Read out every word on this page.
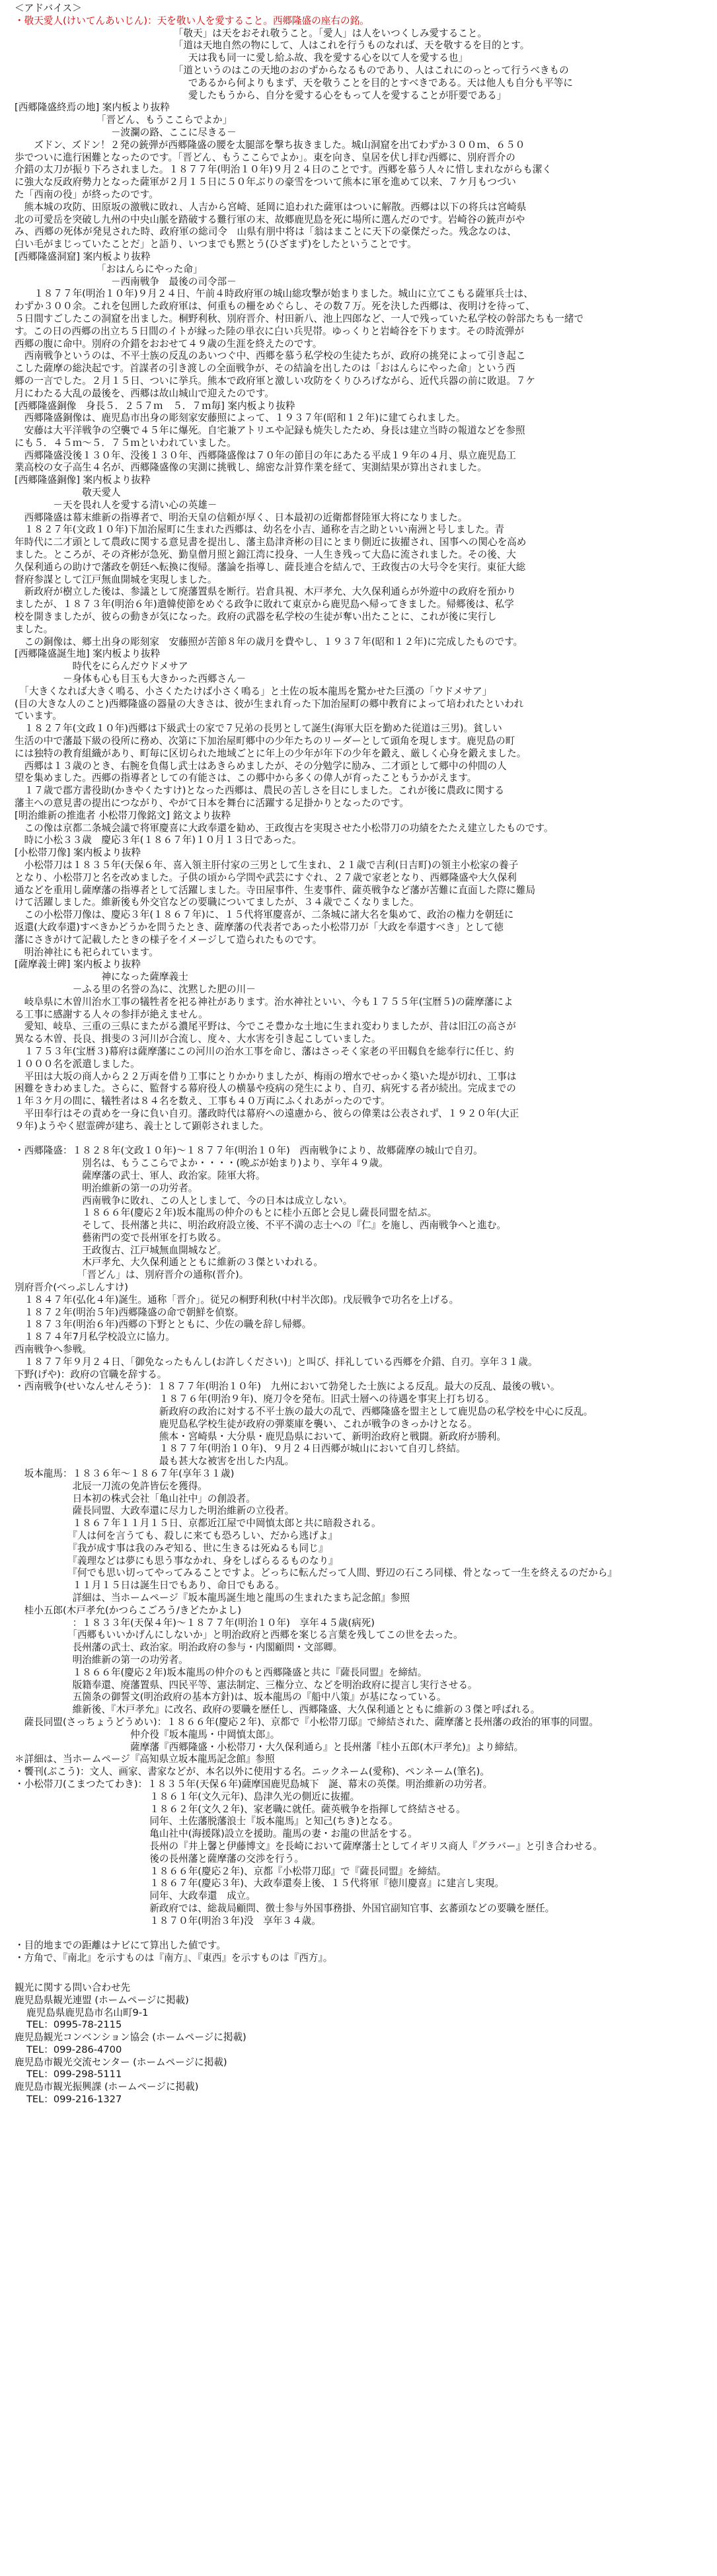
＜アドバイス＞
・敬天愛人(けいてんあいじん)：天を敬い人を愛すること。西郷隆盛の座右の銘。
　　　　　　　　　　　　　　　　　「敬天」は天をおそれ敬うこと。「愛人」は人をいつくしみ愛すること。
　　　　　　　　　　　　　　　　　「道は天地自然の物にして、人はこれを行うものなれば、天を敬するを目的とす。
　　　　　　　　　　　　　　　　　　天は我も同一に愛し給ふ故、我を愛する心を以て人を愛する也」
　　　　　　　　　　　　　　　　　「道というのはこの天地のおのずからなるものであり、人はこれにのっとって行うべきもの
　　　　　　　　　　　　　　　　　　であるから何よりもまず、天を敬うことを目的とすべきである。天は他人も自分も平等に
　　　　　　　　　　　　　　　　　　愛したもうから、自分を愛する心をもって人を愛することが肝要である」
[西郷隆盛終焉の地] 案内板より抜粋
　　　　　　　　　「晋どん、もうここらでよか」
　　　　　　　　　　－波瀾の路、ここに尽きる－
　　ズドン、ズドン！２発の銃弾が西郷隆盛の腰を太腿部を撃ち抜きました。城山洞窟を出てわずか３００ｍ、６５０
歩でついに進行困難となったのです。「晋どん、もうここらでよか」。東を向き、皇居を伏し拝む西郷に、別府晋介の
介錯の太刀が振り下ろされました。１８７７年(明治１０年)９月２４日のことです。西郷を慕う人々に惜しまれながらも潔く
に強大な反政府勢力となった薩軍が２月１５日に５０年ぶりの豪雪をついて熊本に軍を進めて以来、７ケ月もつづい
た「西南の役」が終ったのです。
　熊本城の攻防、田原坂の激戦に敗れ、人吉から宮崎、延岡に追われた薩軍はついに解散。西郷は以下の将兵は宮崎県
北の可愛岳を突破し九州の中央山脈を踏破する難行軍の末、故郷鹿児島を死に場所に選んだのです。岩崎谷の銃声がや
み、西郷の死体が発見された時、政府軍の総司令　山県有朋中将は「翁はまことに天下の豪傑だった。残念なのは、
白い毛がまじっていたことだ」と語り、いつまでも黙とう(ひざまず)をしたということです。
[西郷隆盛洞窟] 案内板より抜粋
　　　　　　　　　「おはんらにやった命」
　　　　　　　　　　－西南戦争　最後の司令部－
　　１８７７年(明治１０年)９月２４日、午前４時政府軍の城山総攻撃が始まりました。城山に立てこもる薩軍兵士は、
わずか３００余。これを包囲した政府軍は、何重もの柵をめぐらし、その数７万。死を決した西郷は、夜明けを待って、
５日間すごしたこの洞窟を出ました。桐野利秋、別府晋介、村田新八、池上四郎など、一人で残っていた私学校の幹部たちも一緒で
す。この日の西郷の出立ち５日間のイトが縁った陸の単衣に白い兵児帯。ゆっくりと岩崎谷を下ります。その時流弾が
西郷の腹に命中。別府の介錯をおおせて４９歳の生涯を終えたのです。
　西南戦争というのは、不平士族の反乱のあいつぐ中、西郷を慕う私学校の生徒たちが、政府の挑発によって引き起こ
こした薩摩の総決起です。首謀者の引き渡しの全面戦争が、その結論を出したのは「おはんらにやった命」という西
郷の一言でした。２月１５日、ついに挙兵。熊本で政府軍と激しい攻防をくりひろげながら、近代兵器の前に敗退。７ケ
月にわたる大乱の最後を、西郷は故山城山で迎えたのです。
[西郷隆盛銅像　身長５．２５７ｍ　５．７ｍ毎] 案内板より抜粋
　西郷隆盛銅像は、鹿児島市出身の彫刻家安藤照によって、１９３７年(昭和１２年)に建てられました。
　安藤は大平洋戦争の空襲で４５年に爆死。自宅兼アトリエや記録も焼失したため、身長は建立当時の報道などを参照
にも５．４５ｍ～５．７５ｍといわれていました。
　西郷隆盛没後１３０年、没後１３０年、西郷隆盛像は７０年の節目の年にあたる平成１９年の４月、県立鹿児島工
業高校の女子高生４名が、西郷隆盛像の実測に挑戦し、綿密な計算作業を経て、実測結果が算出されました。
[西郷隆盛銅像] 案内板より抜粋
　　　　　　　敬天愛人
　　　　－天を畏れ人を愛する清い心の英雄－
　西郷隆盛は幕末維新の指導者で、明治天皇の信頼が厚く、日本最初の近衛都督陸軍大将になりました。
　１８２７年(文政１０年)下加治屋町に生まれた西郷は、幼名を小吉、通称を吉之助といい南洲と号しました。青
年時代に二才頭として農政に関する意見書を提出し、藩主島津斉彬の目にとまり側近に抜擢され、国事への関心を高め
ました。ところが、その斉彬が急死、勤皇僧月照と錦江湾に投身、一人生き残って大島に流されました。その後、大
久保利通らの助けで藩政を朝廷へ転換に復帰。藩論を指導し、薩長連合を結んで、王政復古の大号令を実行。東征大総
督府参謀として江戸無血開城を実現しました。
　新政府が樹立した後は、参議として廃藩置県を断行。岩倉具視、木戸孝允、大久保利通らが外遊中の政府を預かり
ましたが、１８７３年(明治６年)遣韓使節をめぐる政争に敗れて東京から鹿児島へ帰ってきました。帰郷後は、私学
校を開きましたが、彼らの動きが気になった。政府の武器を私学校の生徒が奪い出たことに、これが後に実行し
ました。
　この銅像は、郷土出身の彫刻家　安藤照が苦節８年の歳月を費やし、１９３７年(昭和１２年)に完成したものです。
[西郷隆盛誕生地] 案内板より抜粋
　　　　　　時代をにらんだウドメサア
　　　　　－身体も心も目玉も大きかった西郷さん－
　「大きくなれば大きく鳴る、小さくたたけば小さく鳴る」と土佐の坂本龍馬を驚かせた巨漢の「ウドメサア」
(目の大きな人のこと)西郷隆盛の器量の大きさは、彼が生まれ育った下加治屋町の郷中教育によって培われたといわれ
ています。
　１８２７年(文政１０年)西郷は下級武士の家で７兄弟の長男として誕生(海軍大臣を勤めた従道は三男)。貧しい
生活の中で藩最下級の役所に務め、次第に下加治屋町郷中の少年たちのリーダーとして頭角を現します。鹿児島の町
には独特の教育組織があり、町毎に区切られた地域ごとに年上の少年が年下の少年を鍛え、厳しく心身を鍛えました。
　西郷は１３歳のとき、右腕を負傷し武士はあきらめましたが、その分勉学に励み、二才頭として郷中の仲間の人
望を集めました。西郷の指導者としての有能さは、この郷中から多くの偉人が育ったこともうかがえます。
　１７歳で郡方書役助(かきやくたすけ)となった西郷は、農民の苦しさを目にしました。これが後に農政に関する
藩主への意見書の提出につながり、やがて日本を舞台に活躍する足掛かりとなったのです。
[明治維新の推進者 小松帯刀像銘文] 銘文より抜粋
　この像は京都二条城会議で将軍慶喜に大政奉還を勧め、王政復古を実現させた小松帯刀の功績をたたえ建立したものです。
　時に小松３３歳　慶応３年(１８６７年)１０月１３日であった。
[小松帯刀像] 案内板より抜粋
　小松帯刀は１８３５年(天保６年、喜入領主肝付家の三男として生まれ、２１歳で吉利(日吉町)の領主小松家の養子
となり、小松帯刀と名を改めました。子供の頃から学問や武芸にすぐれ、２７歳で家老となり、西郷隆盛や大久保利
通などを重用し薩摩藩の指導者として活躍しました。寺田屋事件、生麦事件、薩英戦争など藩が苦難に直面した際に難局
けて活躍しました。維新後も外交官などの要職についてましたが、３４歳でこくなりました。
　この小松帯刀像は、慶応３年(１８６７年)に、１５代将軍慶喜が、二条城に諸大名を集めて、政治の権力を朝廷に
返還(大政奉還)すべきかどうかを問うたとき、薩摩藩の代表者であった小松帯刀が「大政を奉還すべき」として徳
藩にさきがけて記載したときの様子をイメージして造られたものです。
　明治神社にも祀られています。
[薩摩義士碑] 案内板より抜粋
　　　　　　　　　神になった薩摩義士
　　　　　　－ふる里の名誉の為に、沈黙した肥の川－
　岐阜県に木曽川治水工事の犠牲者を祀る神社があります。治水神社といい、今も１７５５年(宝暦５)の薩摩藩によ
る工事に感謝する人々の参拝が絶えません。
　愛知、岐阜、三重の三県にまたがる濃尾平野は、今でこそ豊かな土地に生まれ変わりましたが、昔は旧江の高さが
異なる木曽、長良、揖斐の３河川が合流し、度々、大水害を引き起こしていました。
　１７５３年(宝暦３)幕府は薩摩藩にこの河川の治水工事を命じ、藩はさっそく家老の平田靱負を総奉行に任じ、約
１０００名を派遣しました。
　平田は大坂の商人から２２万両を借り工事にとりかかりましたが、梅雨の増水でせっかく築いた堤が切れ、工事は
困難をきわめました。さらに、監督する幕府役人の横暴や疫病の発生により、自刃、病死する者が続出。完成までの
１年３ケ月の間に、犠牲者は８４名を数え、工事も４０万両にふくれあがったのです。
　平田奉行はその責めを一身に負い自刃。藩政時代は幕府への遠慮から、彼らの偉業は公表されず、１９２０年(大正
９年)ようやく慰霊碑が建ち、義士として顕彰されました。

・西郷隆盛：１８２８年(文政１０年)～１８７７年(明治１０年)　西南戦争により、故郷薩摩の城山で自刃。
　　　　　　　別名は、もうここらでよか・・・・(晩ぶが始まり)より、享年４９歳。
　　　　　　　薩摩藩の武士、軍人、政治家。陸軍大将。
　　　　　　　明治維新の第一の功労者。
　　　　　　　西南戦争に敗れ、この人としまして、今の日本は成立しない。
　　　　　　　１８６６年(慶応２年)坂本龍馬の仲介のもとに桂小五郎と会見し薩長同盟を結ぶ。
　　　　　　　そして、長州藩と共に、明治政府設立後、不平不満の志士への『仁』を施し、西南戦争へと進む。
　　　　　　　藝術門の変で長州軍を打ち敗る。
　　　　　　　王政復古、江戸城無血開城など。
　　　　　　　木戸孝允、大久保利通とともに維新の３傑といわれる。
　　　　　　　「晋どん」は、別府晋介の通称(晋介)。
別府晋介(べっぷしんすけ)
　１８４７年(弘化４年)誕生。通称「晋介」。従兄の桐野利秋(中村半次郎)。戊辰戦争で功名を上げる。
　１８７２年(明治５年)西郷隆盛の命で朝鮮を偵察。
　１８７３年(明治６年)西郷の下野とともに、少佐の職を辞し帰郷。
　１８７４年7月私学校設立に協力。
西南戦争へ参戦。
　１８７７年９月２４日、「御免なったもんし(お許しください)」と叫び、拝礼している西郷を介錯、自刃。享年３１歳。
下野(げや)：政府の官職を辞する。
・西南戦争(せいなんせんそう)：１８７７年(明治１０年)　九州において勃発した士族による反乱。最大の反乱、最後の戦い。
　　　　　　　　　　　　　　　１８７６年(明治９年)、廃刀令を発布。旧武士層への待遇を事実上打ち切る。
　　　　　　　　　　　　　　　新政府の政治に対する不平士族の最大の乱で、西郷隆盛を盟主として鹿児島の私学校を中心に反乱。
　　　　　　　　　　　　　　　鹿児島私学校生徒が政府の弾薬庫を襲い、これが戦争のきっかけとなる。
　　　　　　　　　　　　　　　熊本・宮崎県・大分県・鹿児島県において、新明治政府と戦闘。新政府が勝利。
　　　　　　　　　　　　　　　１８７７年(明治１０年)、９月２４日西郷が城山において自刃し終結。
　　　　　　　　　　　　　　　最も甚大な被害を出した内乱。
　坂本龍馬：１８３６年～１８６７年(享年３１歳)
　　　　　　北辰一刀流の免許皆伝を獲得。
　　　　　　日本初の株式会社「亀山社中」の創設者。
　　　　　　薩長同盟、大政奉還に尽力した明治維新の立役者。
　　　　　　１８６７年１１月１５日、京都近江屋で中岡慎太郎と共に暗殺される。
　　　　　　『人は何を言うても、殺しに来ても恐ろしい、だから逃げよ』
　　　　　　『我が成す事は我のみぞ知る、世に生きるは死ぬるも同じ』
　　　　　　『義理などは夢にも思う事なかれ、身をしばらるるものなり』
　　　　　　『何でも思い切ってやってみることですよ。どっちに転んだって人間、野辺の石ころ同様、骨となって一生を終えるのだから』
　　　　　　１１月１５日は誕生日でもあり、命日でもある。
　　　　　　詳細は、当ホームページ『坂本龍馬誕生地と龍馬の生まれたまち記念館』参照
　桂小五郎(木戸孝允(かつらこごろう/きどたかよし)
　　　　　　：１８３３年(天保４年)～１８７７年(明治１０年)　享年４５歳(病死)
　　　　　　「西郷もいいかげんにしないか」と明治政府と西郷を案じる言葉を残してこの世を去った。
　　　　　　長州藩の武士、政治家。明治政府の参与・内閣顧問・文部卿。
　　　　　　明治維新の第一の功労者。
　　　　　　１８６６年(慶応２年)坂本龍馬の仲介のもと西郷隆盛と共に『薩長同盟』を締結。
　　　　　　版籍奉還、廃藩置県、四民平等、憲法制定、三権分立、などを明治政府に提言し実行させる。
　　　　　　五箇条の御誓文(明治政府の基本方針)は、坂本龍馬の『船中八策』が基になっている。
　　　　　　維新後、『木戸孝允』に改名、政府の要職を歴任し、西郷隆盛、大久保利通とともに維新の３傑と呼ばれる。
　薩長同盟(さっちょうどうめい)：１８６６年(慶応２年)、京都で『小松帯刀邸』で締結された、薩摩藩と長州藩の政治的軍事的同盟。
　　　　　　　　　　　　仲介役『坂本龍馬・中岡慎太郎』。
　　　　　　　　　　　　薩摩藩『西郷隆盛・小松帯刀・大久保利通ら』と長州藩『桂小五郎(木戸孝允)』より締結。
＊詳細は、当ホームページ『高知県立坂本龍馬記念館』参照
・饗刊(ぶこう)：文人、画家、書家などが、本名以外に使用する名。ニックネーム(愛称)、ペンネーム(筆名)。
・小松帯刀(こまつたてわき)：１８３５年(天保６年)薩摩国鹿児島城下　誕、幕末の英傑。明治維新の功労者。
　　　　　　　　　　　　　　１８６１年(文久元年)、島津久光の側近に抜擢。
　　　　　　　　　　　　　　１８６２年(文久２年)、家老職に就任。薩英戦争を指揮して終結させる。
　　　　　　　　　　　　　　同年、土佐藩脱藩浪士『坂本龍馬』と知己(ちき)となる。
　　　　　　　　　　　　　　亀山社中(海援隊)設立を援助。龍馬の妻・お龍の世話をする。
　　　　　　　　　　　　　　長州の『井上馨と伊藤博文』を長崎において薩摩藩士としてイギリス商人『グラバー』と引き合わせる。
　　　　　　　　　　　　　　後の長州藩と薩摩藩の交渉を行う。
　　　　　　　　　　　　　　１８６６年(慶応２年)、京都『小松帯刀邸』で『薩長同盟』を締結。
　　　　　　　　　　　　　　１８６７年(慶応３年)、大政奉還奏上後、１５代将軍『徳川慶喜』に建言し実現。
　　　　　　　　　　　　　　同年、大政奉還　成立。
　　　　　　　　　　　　　　新政府では、総裁局顧問、徴士参与外国事務掛、外国官副知官事、玄蕃頭などの要職を歴任。
　　　　　　　　　　　　　　１８７０年(明治３年)没　享年３４歳。

・目的地までの距離はナビにて算出した値です。
・方角で、『南北』を示すものは『南方』、『東西』を示すものは『西方』。
観光に関する問い合わせ先
鹿児島県観光連盟 (ホームページに掲載)
鹿児島県鹿児島市名山町9-1
TEL：0995-78-2115
鹿児島観光コンベンション協会 (ホームページに掲載)
TEL：099-286-4700
鹿児島市観光交流センター (ホームページに掲載)
TEL：099-298-5111
鹿児島市観光振興課 (ホームページに掲載)
TEL：099-216-1327
